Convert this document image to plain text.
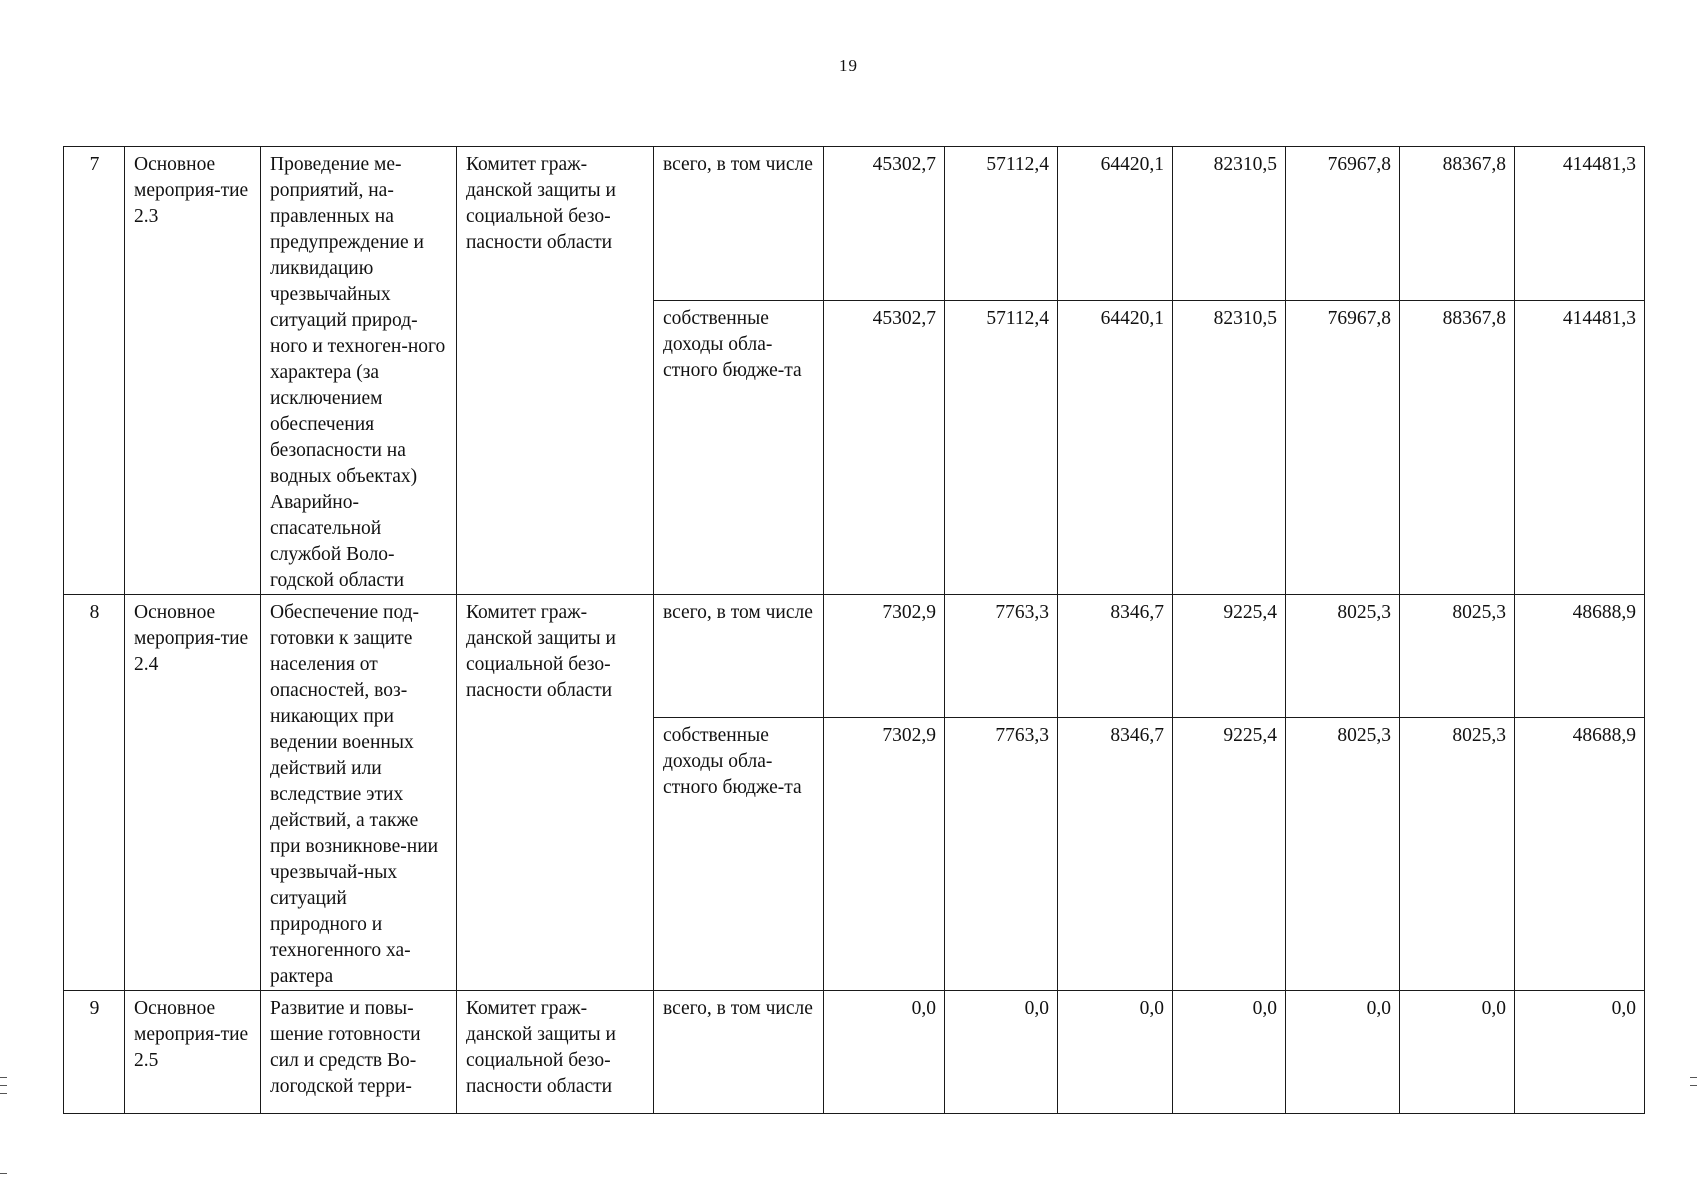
19
7	Основное мероприя-тие 2.3	Проведение ме-роприятий, на-правленных на предупреждение и ликвидацию чрезвычайных ситуаций природ-ного и техноген-ного характера (за исключением обеспечения безопасности на водных объектах) Аварийно-спасательной службой Воло-годской области	Комитет граж-данской защиты и социальной безо-пасности области	всего, в том числе	45302,7	57112,4	64420,1	82310,5	76967,8	88367,8	414481,3
				собственные доходы обла-стного бюдже-та	45302,7	57112,4	64420,1	82310,5	76967,8	88367,8	414481,3
8	Основное мероприя-тие 2.4	Обеспечение под-готовки к защите населения от опасностей, воз-никающих при ведении военных действий или вследствие этих действий, а также при возникнове-нии чрезвычай-ных ситуаций природного и техногенного ха-рактера	Комитет граж-данской защиты и социальной безо-пасности области	всего, в том числе	7302,9	7763,3	8346,7	9225,4	8025,3	8025,3	48688,9
				собственные доходы обла-стного бюдже-та	7302,9	7763,3	8346,7	9225,4	8025,3	8025,3	48688,9
9	Основное мероприя-тие 2.5	Развитие и повы-шение готовности сил и средств Во-логодской терри-	Комитет граж-данской защиты и социальной безо-пасности области	всего, в том числе	0,0	0,0	0,0	0,0	0,0	0,0	0,0
